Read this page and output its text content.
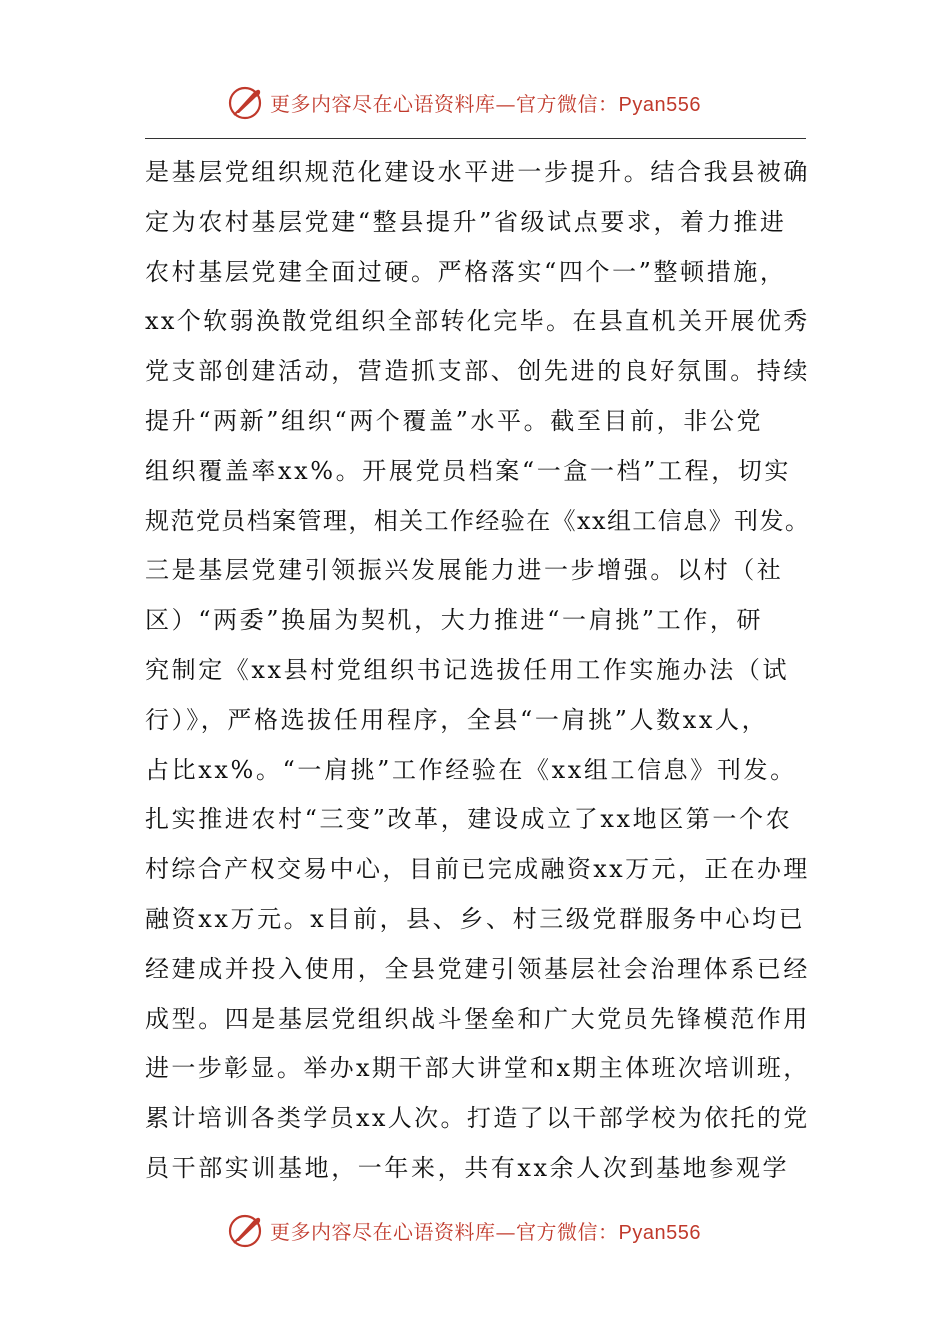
更多内容尽在心语资料库—官方微信：Pyan556
是基层党组织规范化建设水平进一步提升。结合我县被确
定为农村基层党建“整县提升”省级试点要求，着力推进
农村基层党建全面过硬。严格落实“四个一”整顿措施，
xx个软弱涣散党组织全部转化完毕。在县直机关开展优秀
党支部创建活动，营造抓支部、创先进的良好氛围。持续
提升“两新”组织“两个覆盖”水平。截至目前，非公党
组织覆盖率xx%。开展党员档案“一盒一档”工程，切实
规范党员档案管理，相关工作经验在《xx组工信息》刊发。
三是基层党建引领振兴发展能力进一步增强。以村（社
区）“两委”换届为契机，大力推进“一肩挑”工作，研
究制定《xx县村党组织书记选拔任用工作实施办法（试
行）》，严格选拔任用程序，全县“一肩挑”人数xx人，
占比xx%。“一肩挑”工作经验在《xx组工信息》刊发。
扎实推进农村“三变”改革，建设成立了xx地区第一个农
村综合产权交易中心，目前已完成融资xx万元，正在办理
融资xx万元。x目前，县、乡、村三级党群服务中心均已
经建成并投入使用，全县党建引领基层社会治理体系已经
成型。四是基层党组织战斗堡垒和广大党员先锋模范作用
进一步彰显。举办x期干部大讲堂和x期主体班次培训班，
累计培训各类学员xx人次。打造了以干部学校为依托的党
员干部实训基地，一年来，共有xx余人次到基地参观学
更多内容尽在心语资料库—官方微信：Pyan556
